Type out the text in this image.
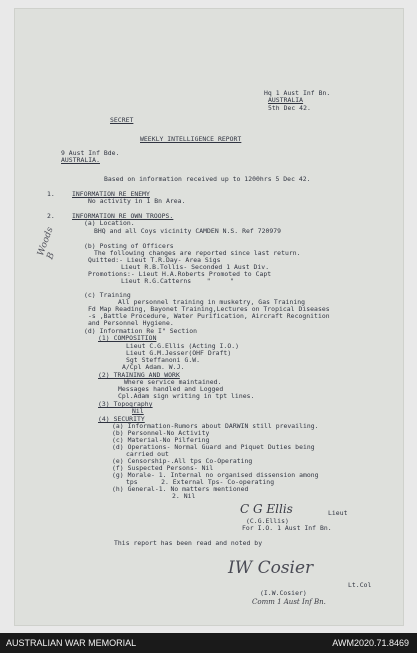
Hq 1 Aust Inf Bn.
AUSTRALIA
5th Dec 42.
SECRET
WEEKLY INTELLIGENCE REPORT
9 Aust Inf Bde.
AUSTRALIA.
Based on information received up to 1200hrs 5 Dec 42.
1.	INFORMATION RE ENEMY
No activity in 1 Bn Area.
2.	INFORMATION RE OWN TROOPS.
(a) Location.
BHQ and all Coys vicinity CAMDEN N.S. Ref 720979
(b) Posting of Officers
The following changes are reported since last return.
Quitted:- Lieut T.R.Day- Area Sigs
Lieut R.B.Tollis- Seconded 1 Aust Div.
Promotions:- Lieut H.A.Roberts Promoted to Capt
Lieut R.G.Catterns    "     "
(c) Training
All personnel training in musketry, Gas Training
Fd Map Reading, Bayonet Training,Lectures on Tropical Diseases
-s ,Battle Procedure, Water Purification, Aircraft Recognition
and Personnel Hygiene.
(d) Information Re I" Section
(1) COMPOSITION
Lieut C.G.Ellis (Acting I.O.)
Lieut G.M.Jesser(OHF Draft)
Sgt Steffanoni G.W.
A/Cpl Adam. W.J.
(2) TRAINING AND WORK
Where service maintained.
Messages handled and Logged
Cpl.Adam sign writing in tpt lines.
(3) Topography
Nil
(4) SECURITY
(a) Information-Rumors about DARWIN still prevailing.
(b) Personnel-No Activity
(c) Material-No Pilfering
(d) Operations- Normal Guard and Piquet Duties being
carried out
(e) Censorship-.All tps Co-Operating
(f) Suspected Persons- Nil
(g) Morale- 1. Internal no organised dissension among
tps      2. External Tps- Co-operating
(h) General-1. No matters mentioned
2. Nil
C G Ellis	Lieut
(C.G.Ellis)
For I.O. 1 Aust Inf Bn.
This report has been read and noted by
IW Cosier
Lt.Col
(I.W.Cosier)
Comm 1 Aust Inf Bn.
Woods
B
AUSTRALIAN WAR MEMORIAL	AWM2020.71.8469
